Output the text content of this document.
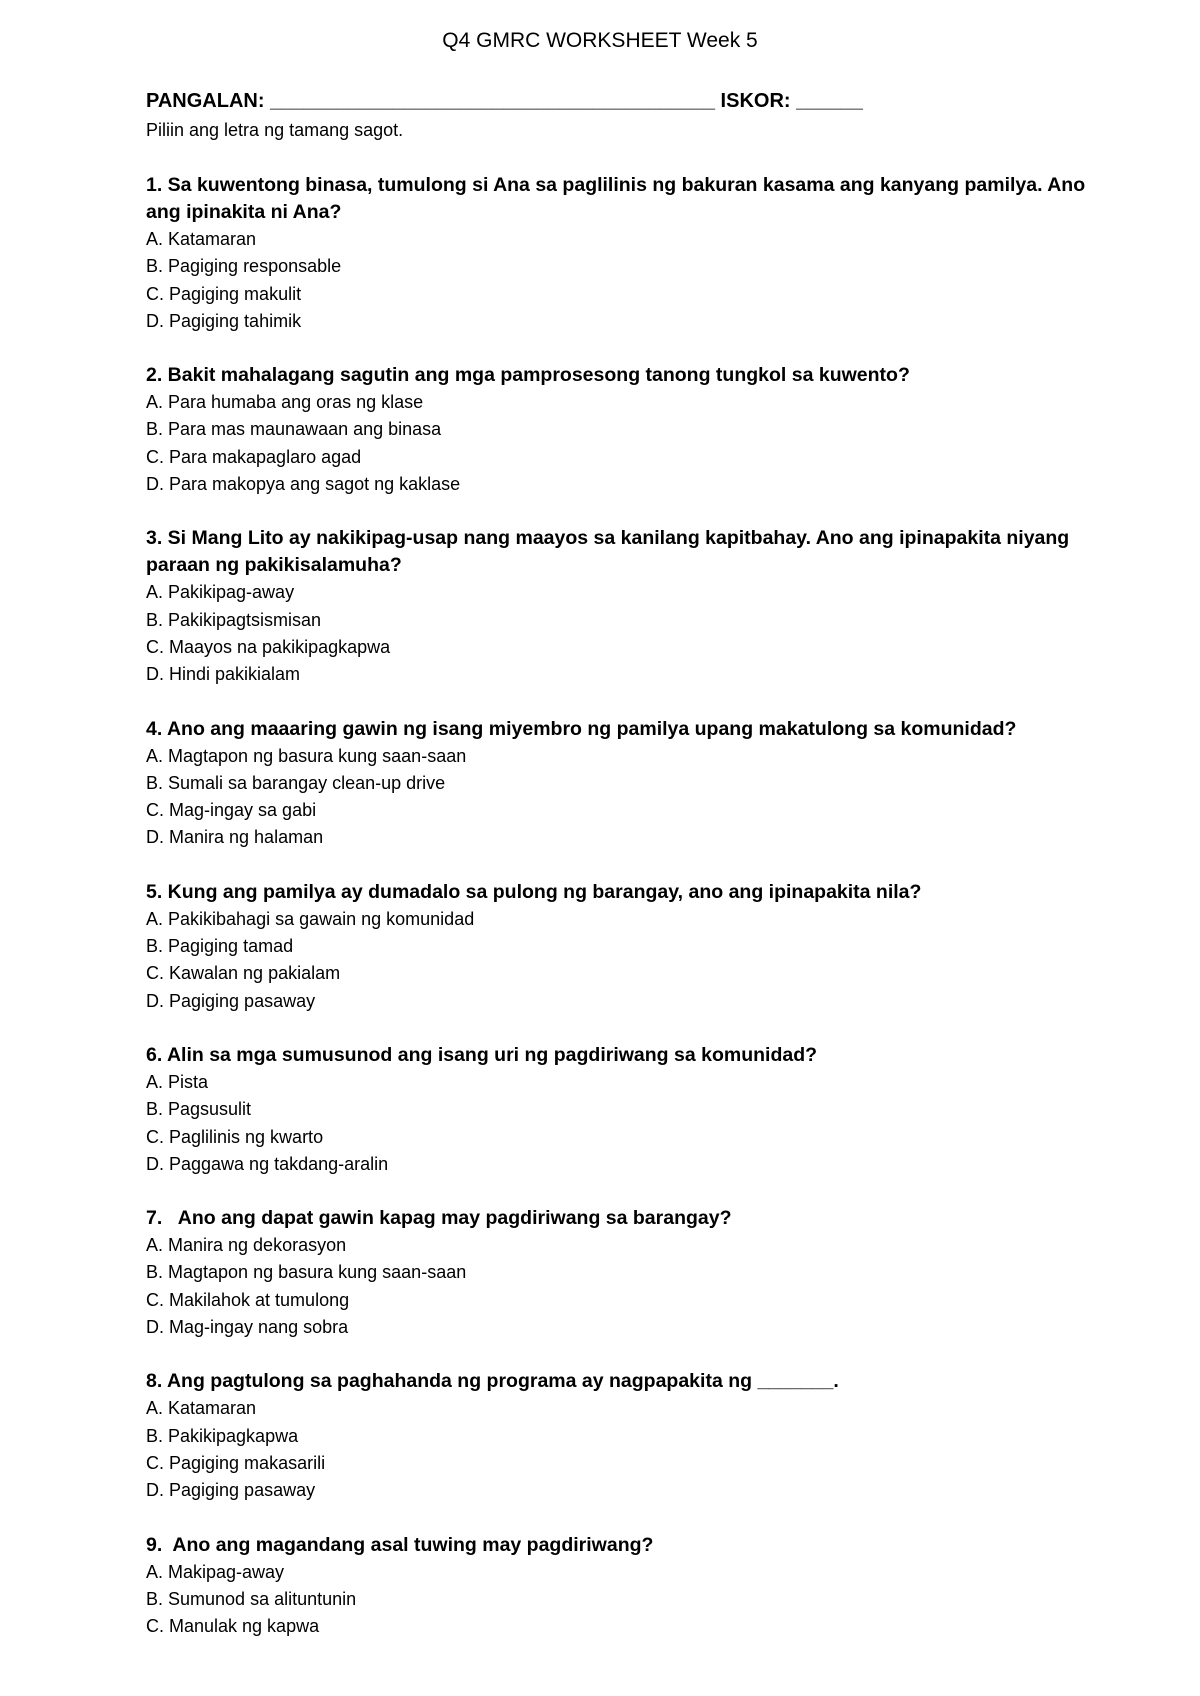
Q4 GMRC WORKSHEET Week 5
PANGALAN: ________________________________________ ISKOR: ______
Piliin ang letra ng tamang sagot.

1. Sa kuwentong binasa, tumulong si Ana sa paglilinis ng bakuran kasama ang kanyang pamilya. Ano ang ipinakita ni Ana?

A. Katamaran

B. Pagiging responsable

C. Pagiging makulit

D. Pagiging tahimik

2. Bakit mahalagang sagutin ang mga pamprosesong tanong tungkol sa kuwento?

A. Para humaba ang oras ng klase

B. Para mas maunawaan ang binasa

C. Para makapaglaro agad

D. Para makopya ang sagot ng kaklase

3. Si Mang Lito ay nakikipag-usap nang maayos sa kanilang kapitbahay. Ano ang ipinapakita niyang paraan ng pakikisalamuha?

A. Pakikipag-away

B. Pakikipagtsismisan

C. Maayos na pakikipagkapwa

D. Hindi pakikialam

4. Ano ang maaaring gawin ng isang miyembro ng pamilya upang makatulong sa komunidad?

A. Magtapon ng basura kung saan-saan

B. Sumali sa barangay clean-up drive

C. Mag-ingay sa gabi

D. Manira ng halaman

5. Kung ang pamilya ay dumadalo sa pulong ng barangay, ano ang ipinapakita nila?

A. Pakikibahagi sa gawain ng komunidad

B. Pagiging tamad

C. Kawalan ng pakialam

D. Pagiging pasaway

6. Alin sa mga sumusunod ang isang uri ng pagdiriwang sa komunidad?

A. Pista

B. Pagsusulit

C. Paglilinis ng kwarto

D. Paggawa ng takdang-aralin

7.   Ano ang dapat gawin kapag may pagdiriwang sa barangay?

A. Manira ng dekorasyon

B. Magtapon ng basura kung saan-saan

C. Makilahok at tumulong

D. Mag-ingay nang sobra

8. Ang pagtulong sa paghahanda ng programa ay nagpapakita ng _______.

A. Katamaran

B. Pakikipagkapwa

C. Pagiging makasarili

D. Pagiging pasaway

9.  Ano ang magandang asal tuwing may pagdiriwang?

A. Makipag-away

B. Sumunod sa alituntunin

C. Manulak ng kapwa
